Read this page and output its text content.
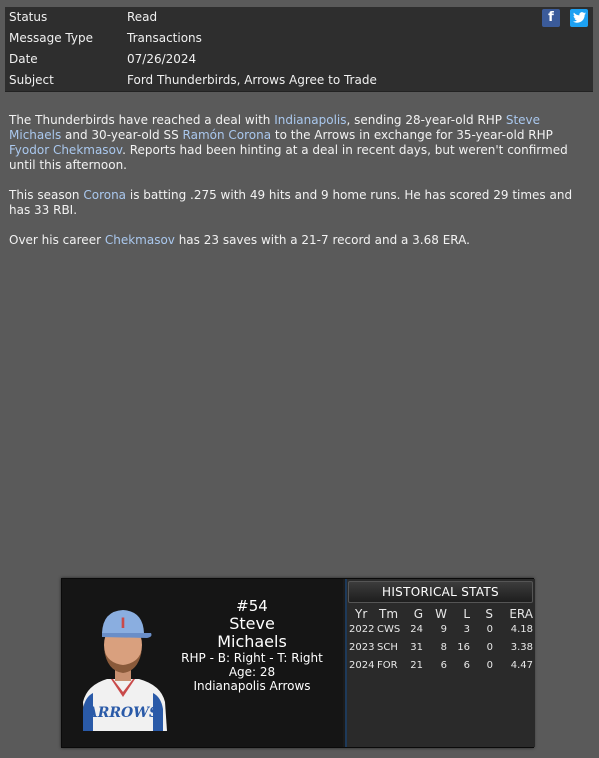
Status	Read
Message Type	Transactions
Date	07/26/2024
Subject	Ford Thunderbirds, Arrows Agree to Trade
f

The Thunderbirds have reached a deal with Indianapolis, sending 28-year-old RHP Steve Michaels and 30-year-old SS Ramón Corona to the Arrows in exchange for 35-year-old RHP Fyodor Chekmasov. Reports had been hinting at a deal in recent days, but weren't confirmed until this afternoon.

This season Corona is batting .275 with 49 hits and 9 home runs. He has scored 29 times and has 33 RBI.

Over his career Chekmasov has 23 saves with a 21-7 record and a 3.68 ERA.

I
ARROWS
#54
Steve
Michaels
RHP - B: Right - T: Right
Age: 28
Indianapolis Arrows
HISTORICAL STATS
Yr Tm	G	W	L	S	ERA
2022 CWS	24	9	3	0	4.18
2023 SCH	31	8	16	0	3.38
2024 FOR	21	6	6	0	4.47
